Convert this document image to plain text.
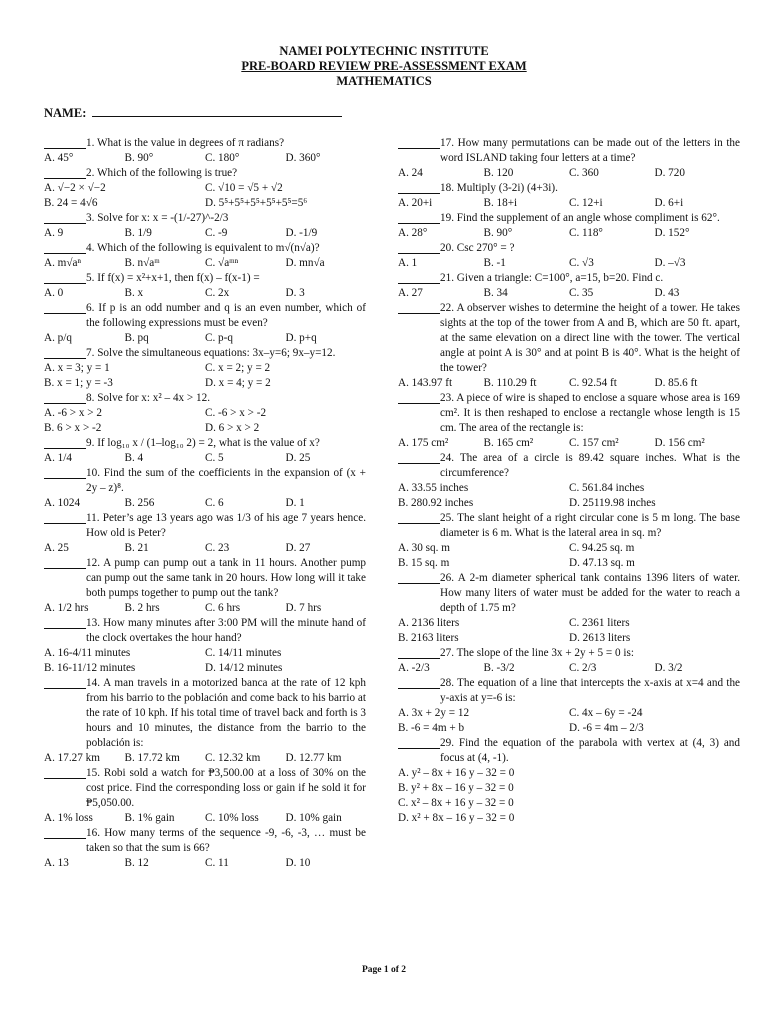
NAMEI POLYTECHNIC INSTITUTE
PRE-BOARD REVIEW PRE-ASSESSMENT EXAM
MATHEMATICS
NAME:
1. What is the value in degrees of π radians?
A. 45°	B. 90°	C. 180°	D. 360°
2. Which of the following is true?
A. √−2 × √−2	C. √10 = √5 + √2
B. 24 = 4√6	D. 5⁵+5⁵+5⁵+5⁵+5⁵=5⁶
3. Solve for x: x = -(1/-27)^-2/3
A. 9	B. 1/9	C. -9	D. -1/9
4. Which of the following is equivalent to m√(n√a)?
A. m√aⁿ	B. n√aᵐ	C. √aᵐⁿ	D. mn√a
5. If f(x) = x²+x+1, then f(x) – f(x-1) =
A. 0	B. x	C. 2x	D. 3
6. If p is an odd number and q is an even number, which of the following expressions must be even?
A. p/q	B. pq	C. p-q	D. p+q
7. Solve the simultaneous equations: 3x–y=6; 9x–y=12.
A. x = 3; y = 1	C. x = 2; y = 2
B. x = 1; y = -3	D. x = 4; y = 2
8. Solve for x: x² – 4x > 12.
A. -6 > x > 2	C. -6 > x > -2
B. 6 > x > -2	D. 6 > x > 2
9. If log₁₀ x / (1–log₁₀ 2) = 2, what is the value of x?
A. 1/4	B. 4	C. 5	D. 25
10. Find the sum of the coefficients in the expansion of (x + 2y – z)⁸.
A. 1024	B. 256	C. 6	D. 1
11. Peter’s age 13 years ago was 1/3 of his age 7 years hence. How old is Peter?
A. 25	B. 21	C. 23	D. 27
12. A pump can pump out a tank in 11 hours. Another pump can pump out the same tank in 20 hours. How long will it take both pumps together to pump out the tank?
A. 1/2 hrs	B. 2 hrs	C. 6 hrs	D. 7 hrs
13. How many minutes after 3:00 PM will the minute hand of the clock overtakes the hour hand?
A. 16-4/11 minutes	C. 14/11 minutes
B. 16-11/12 minutes	D. 14/12 minutes
14. A man travels in a motorized banca at the rate of 12 kph from his barrio to the población and come back to his barrio at the rate of 10 kph. If his total time of travel back and forth is 3 hours and 10 minutes, the distance from the barrio to the población is:
A. 17.27 km	B. 17.72 km	C. 12.32 km	D. 12.77 km
15. Robi sold a watch for ₱3,500.00 at a loss of 30% on the cost price. Find the corresponding loss or gain if he sold it for ₱5,050.00.
A. 1% loss	B. 1% gain	C. 10% loss	D. 10% gain
16. How many terms of the sequence -9, -6, -3, … must be taken so that the sum is 66?
A. 13	B. 12	C. 11	D. 10
17. How many permutations can be made out of the letters in the word ISLAND taking four letters at a time?
A. 24	B. 120	C. 360	D. 720
18. Multiply (3-2i) (4+3i).
A. 20+i	B. 18+i	C. 12+i	D. 6+i
19. Find the supplement of an angle whose compliment is 62°.
A. 28°	B. 90°	C. 118°	D. 152°
20. Csc 270° = ?
A. 1	B. -1	C. √3	D. –√3
21. Given a triangle: C=100°, a=15, b=20. Find c.
A. 27	B. 34	C. 35	D. 43
22. A observer wishes to determine the height of a tower. He takes sights at the top of the tower from A and B, which are 50 ft. apart, at the same elevation on a direct line with the tower. The vertical angle at point A is 30° and at point B is 40°. What is the height of the tower?
A. 143.97 ft	B. 110.29 ft	C. 92.54 ft	D. 85.6 ft
23. A piece of wire is shaped to enclose a square whose area is 169 cm². It is then reshaped to enclose a rectangle whose length is 15 cm. The area of the rectangle is:
A. 175 cm²	B. 165 cm²	C. 157 cm²	D. 156 cm²
24. The area of a circle is 89.42 square inches. What is the circumference?
A. 33.55 inches	C. 561.84 inches
B. 280.92 inches	D. 25119.98 inches
25. The slant height of a right circular cone is 5 m long. The base diameter is 6 m. What is the lateral area in sq. m?
A. 30 sq. m	C. 94.25 sq. m
B. 15 sq. m	D. 47.13 sq. m
26. A 2-m diameter spherical tank contains 1396 liters of water. How many liters of water must be added for the water to reach a depth of 1.75 m?
A. 2136 liters	C. 2361 liters
B. 2163 liters	D. 2613 liters
27. The slope of the line 3x + 2y + 5 = 0 is:
A. -2/3	B. -3/2	C. 2/3	D. 3/2
28. The equation of a line that intercepts the x-axis at x=4 and the y-axis at y=-6 is:
A. 3x + 2y = 12	C. 4x – 6y = -24
B. -6 = 4m + b	D. -6 = 4m – 2/3
29. Find the equation of the parabola with vertex at (4, 3) and focus at (4, -1).
A. y² – 8x + 16 y – 32 = 0
B. y² + 8x – 16 y – 32 = 0
C. x² – 8x + 16 y – 32 = 0
D. x² + 8x – 16 y – 32 = 0
Page 1 of 2
